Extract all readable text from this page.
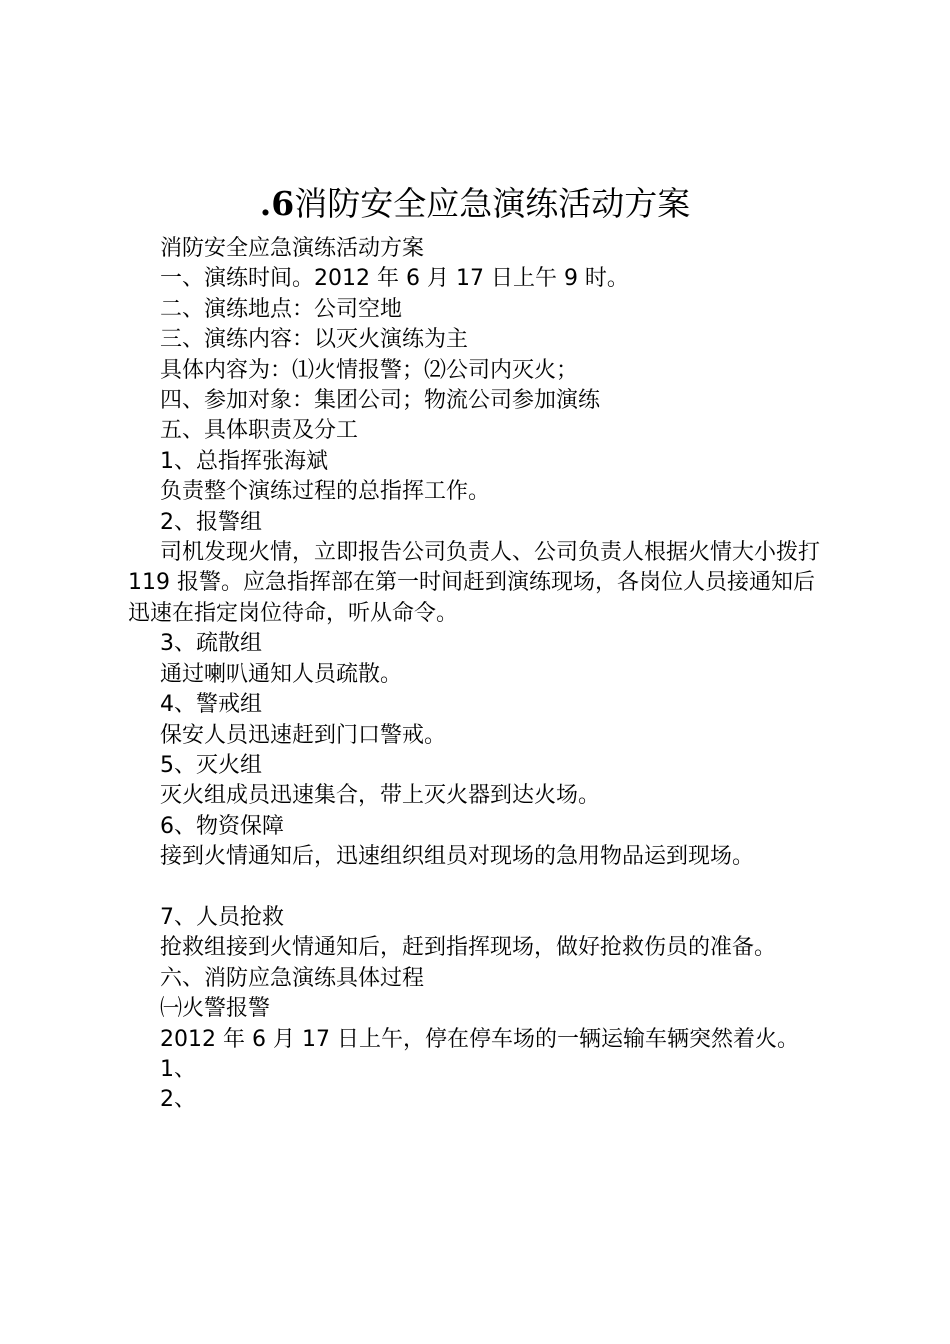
.6消防安全应急演练活动方案

消防安全应急演练活动方案

一、演练时间。2012 年 6 月 17 日上午 9 时。

二、演练地点：公司空地

三、演练内容：以灭火演练为主

具体内容为：⑴火情报警；⑵公司内灭火；

四、参加对象：集团公司；物流公司参加演练

五、具体职责及分工

1、总指挥张海斌

负责整个演练过程的总指挥工作。

2、报警组

司机发现火情，立即报告公司负责人、公司负责人根据火情大小拨打 119 报警。应急指挥部在第一时间赶到演练现场，各岗位人员接通知后迅速在指定岗位待命，听从命令。

3、疏散组

通过喇叭通知人员疏散。

4、警戒组

保安人员迅速赶到门口警戒。

5、灭火组

灭火组成员迅速集合，带上灭火器到达火场。

6、物资保障

接到火情通知后，迅速组织组员对现场的急用物品运到现场。

7、人员抢救

抢救组接到火情通知后，赶到指挥现场，做好抢救伤员的准备。

六、消防应急演练具体过程

㈠火警报警

2012 年 6 月 17 日上午，停在停车场的一辆运输车辆突然着火。

1、

2、
